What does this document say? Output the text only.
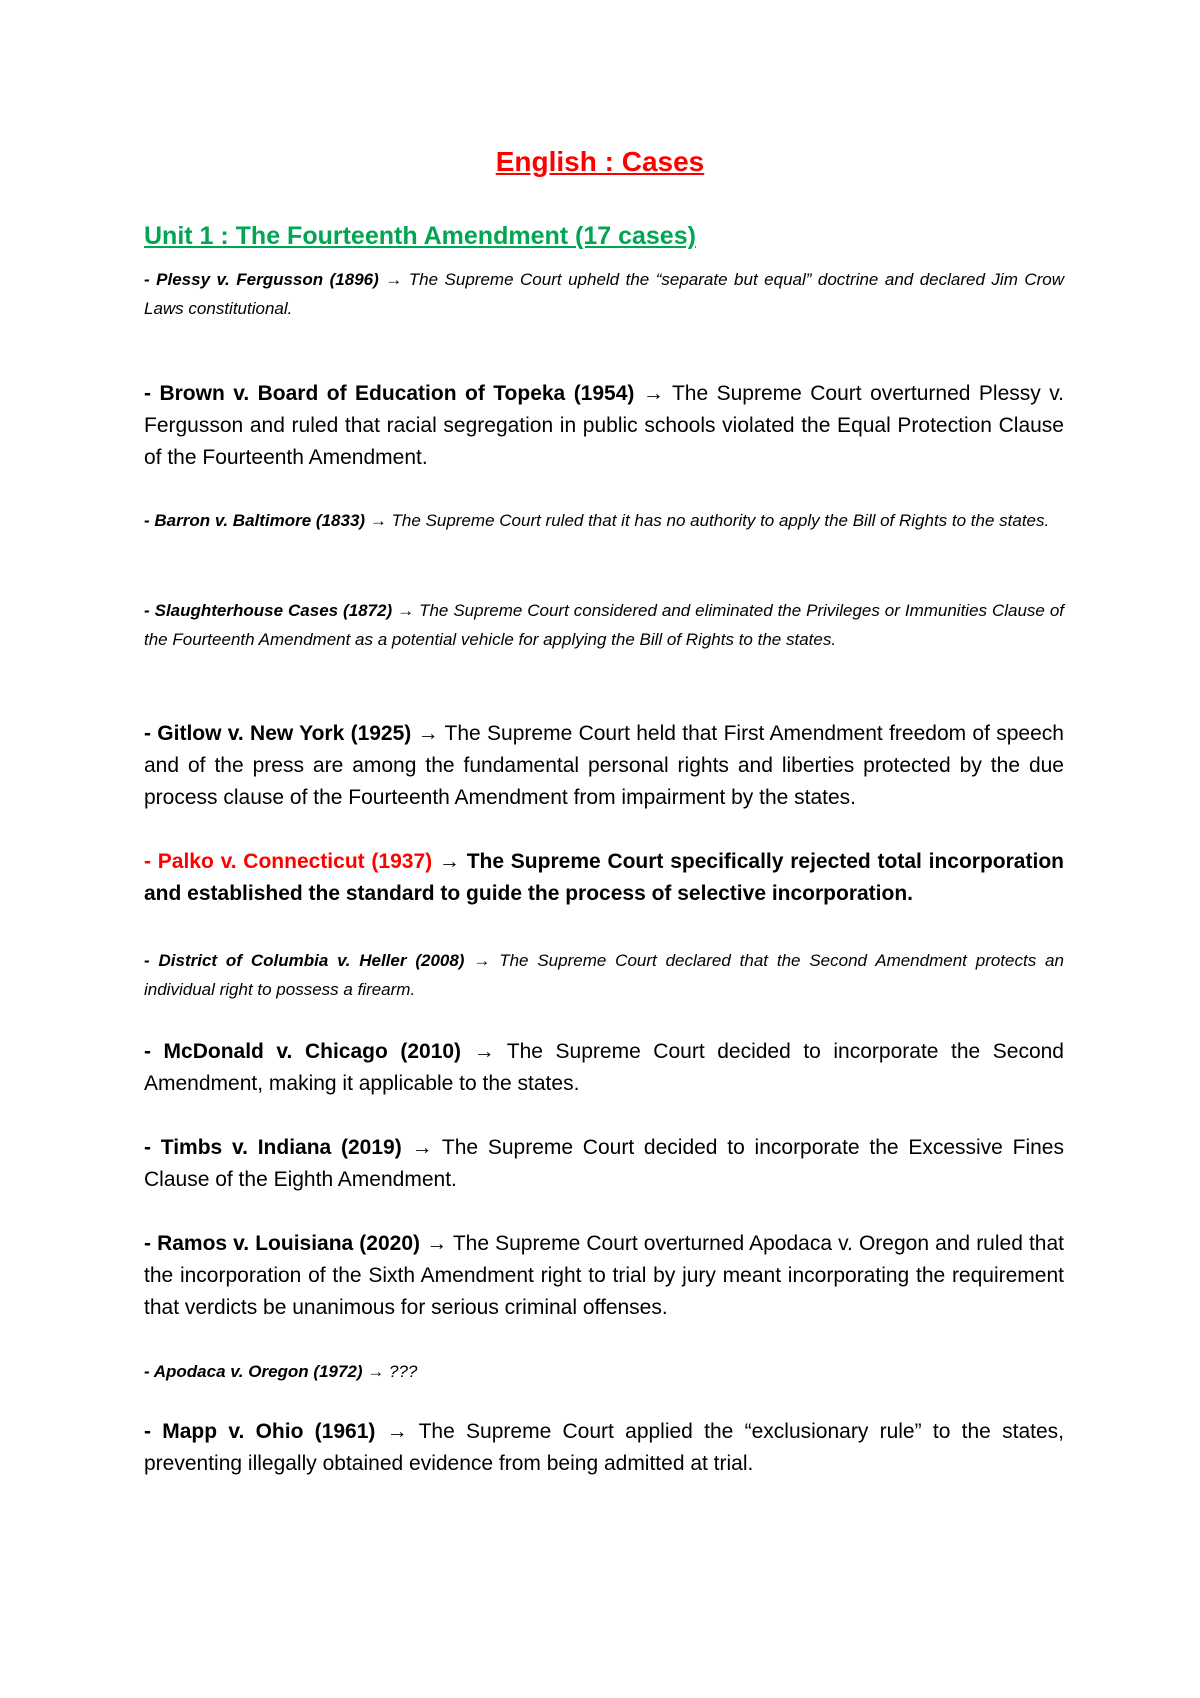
English : Cases
Unit 1 : The Fourteenth Amendment (17 cases)

- Plessy v. Fergusson (1896) → The Supreme Court upheld the “separate but equal” doctrine and declared Jim Crow Laws constitutional.

- Brown v. Board of Education of Topeka (1954) → The Supreme Court overturned Plessy v. Fergusson and ruled that racial segregation in public schools violated the Equal Protection Clause of the Fourteenth Amendment.

- Barron v. Baltimore (1833) → The Supreme Court ruled that it has no authority to apply the Bill of Rights to the states.

- Slaughterhouse Cases (1872) → The Supreme Court considered and eliminated the Privileges or Immunities Clause of the Fourteenth Amendment as a potential vehicle for applying the Bill of Rights to the states.

- Gitlow v. New York (1925) → The Supreme Court held that First Amendment freedom of speech and of the press are among the fundamental personal rights and liberties protected by the due process clause of the Fourteenth Amendment from impairment by the states.

- Palko v. Connecticut (1937) → The Supreme Court specifically rejected total incorporation and established the standard to guide the process of selective incorporation.

- District of Columbia v. Heller (2008) → The Supreme Court declared that the Second Amendment protects an individual right to possess a firearm.

- McDonald v. Chicago (2010) → The Supreme Court decided to incorporate the Second Amendment, making it applicable to the states.

- Timbs v. Indiana (2019) → The Supreme Court decided to incorporate the Excessive Fines Clause of the Eighth Amendment.

- Ramos v. Louisiana (2020) → The Supreme Court overturned Apodaca v. Oregon and ruled that the incorporation of the Sixth Amendment right to trial by jury meant incorporating the requirement that verdicts be unanimous for serious criminal offenses.

- Apodaca v. Oregon (1972) → ???

- Mapp v. Ohio (1961) → The Supreme Court applied the “exclusionary rule” to the states, preventing illegally obtained evidence from being admitted at trial.
